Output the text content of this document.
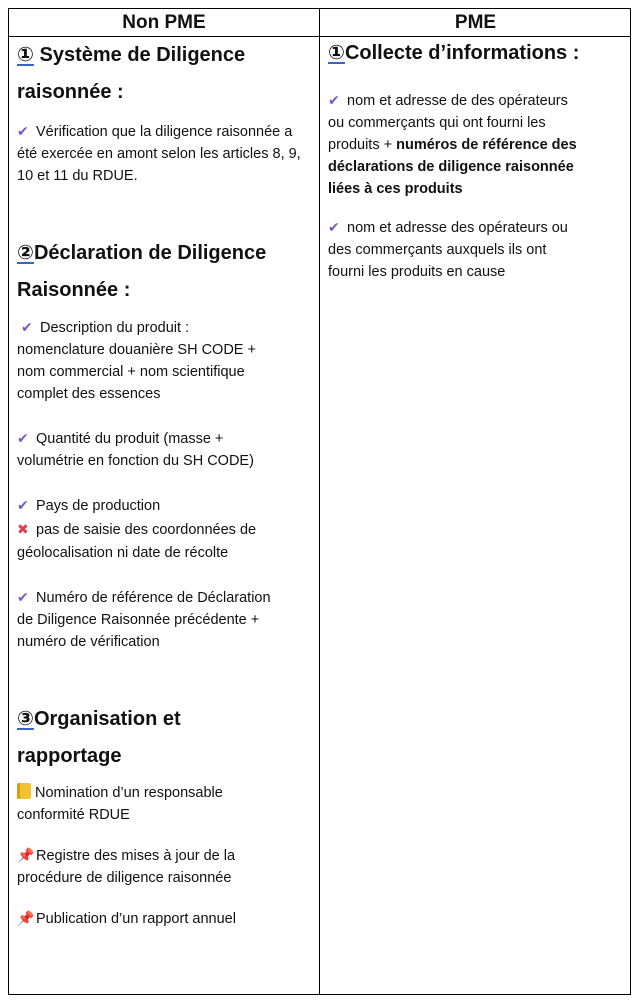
Non PME	PME

① Système de Diligence

raisonnée :

✔ Vérification que la diligence raisonnée a été exercée en amont selon les articles 8, 9, 10 et 11 du RDUE.

②Déclaration de Diligence

Raisonnée :

✔ Description du produit :

nomenclature douanière SH CODE +

nom commercial + nom scientifique

complet des essences

✔ Quantité du produit (masse +

volumétrie en fonction du SH CODE)

✔ Pays de production

✖ pas de saisie des coordonnées de

géolocalisation ni date de récolte

✔ Numéro de référence de Déclaration

de Diligence Raisonnée précédente +

numéro de vérification

③Organisation et

rapportage

Nomination d’un responsable

conformité RDUE

📌 Registre des mises à jour de la

procédure de diligence raisonnée

📌 Publication d’un rapport annuel

①Collecte d’informations :

✔ nom et adresse de des opérateurs

ou commerçants qui ont fourni les

produits + numéros de référence des

déclarations de diligence raisonnée

liées à ces produits

✔ nom et adresse des opérateurs ou

des commerçants auxquels ils ont

fourni les produits en cause
